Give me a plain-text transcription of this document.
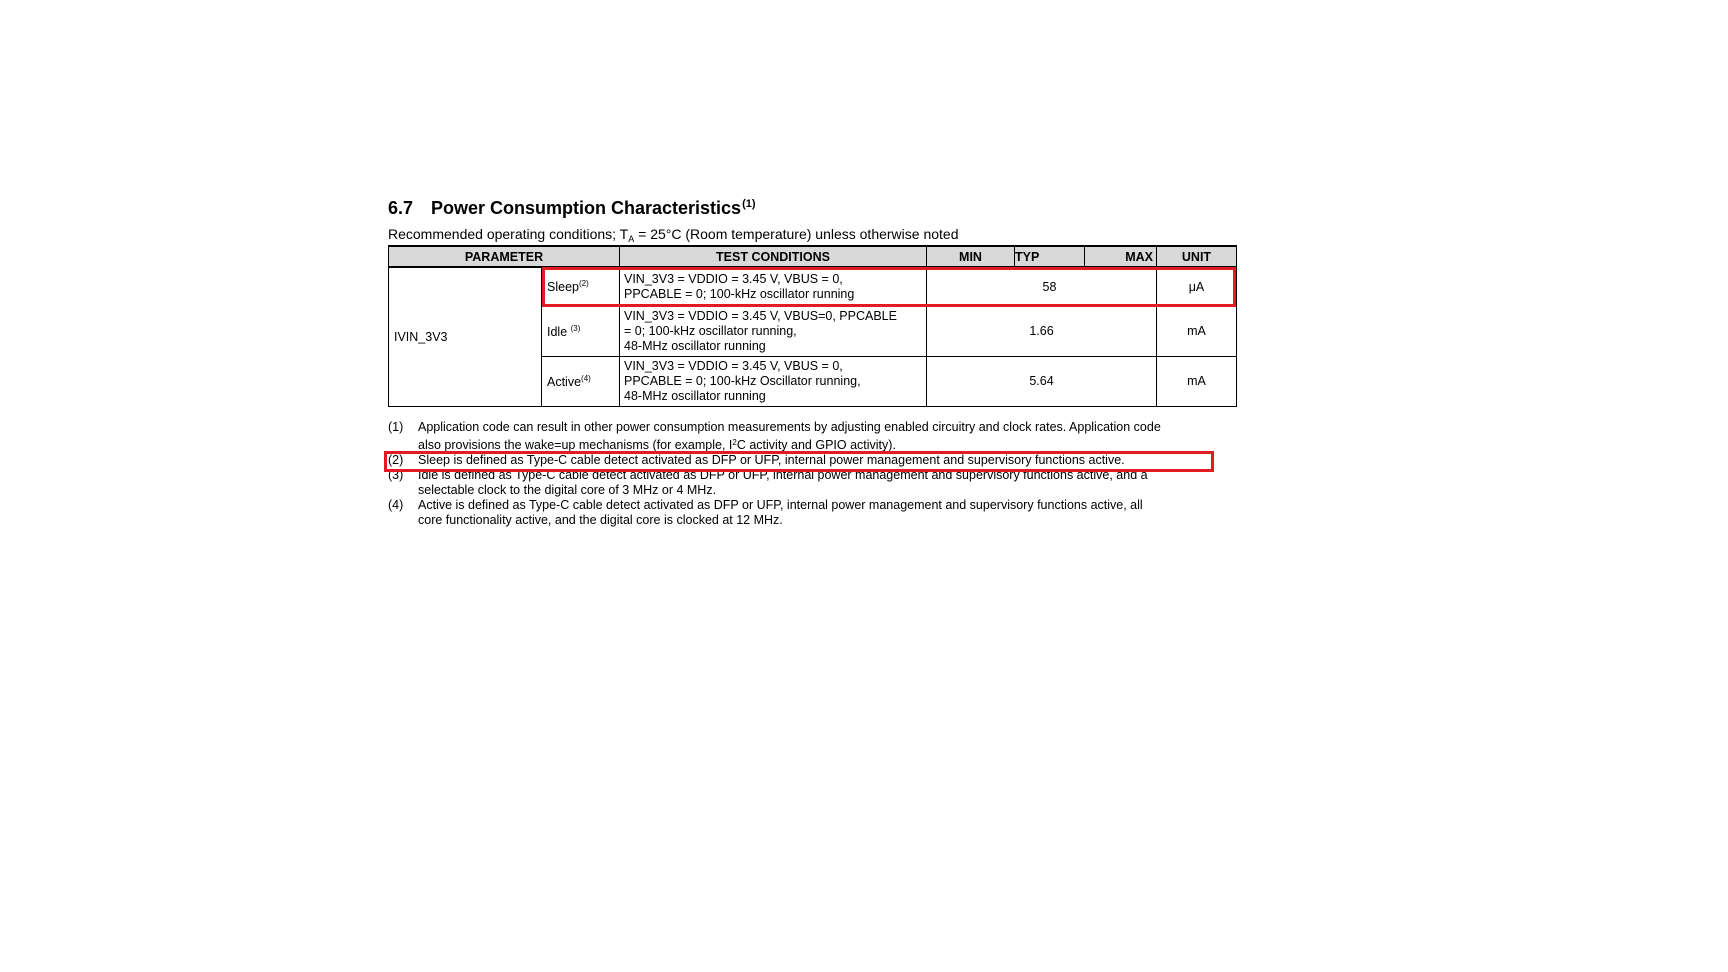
6.7 Power Consumption Characteristics$^{(1)}$
Recommended operating conditions; $T_A = 25^\circ C$ (Room temperature) unless otherwise noted
PARAMETER		TEST CONDITIONS	MIN	TYP	MAX	UNIT
IVIN_3V3	Sleep$^{(2)}$	VIN_3V3 = VDDIO = 3.45 V, VBUS = 0,
PPCABLE = 0; 100-kHz oscillator running	58			μA
	Idle $^{(3)}$	VIN_3V3 = VDDIO = 3.45 V, VBUS=0, PPCABLE
= 0; 100-kHz oscillator running,
48-MHz oscillator running	1.66			mA
	Active$^{(4)}$	VIN_3V3 = VDDIO = 3.45 V, VBUS = 0,
PPCABLE = 0; 100-kHz Oscillator running,
48-MHz oscillator running	5.64			mA
(1)	Application code can result in other power consumption measurements by adjusting enabled circuitry and clock rates. Application code
also provisions the wake=up mechanisms (for example, $I^2C$ activity and GPIO activity).
(2)	Sleep is defined as Type-C cable detect activated as DFP or UFP, internal power management and supervisory functions active.
(3)	Idle is defined as Type-C cable detect activated as DFP or UFP, internal power management and supervisory functions active, and a
selectable clock to the digital core of 3 MHz or 4 MHz.
(4)	Active is defined as Type-C cable detect activated as DFP or UFP, internal power management and supervisory functions active, all
core functionality active, and the digital core is clocked at 12 MHz.
